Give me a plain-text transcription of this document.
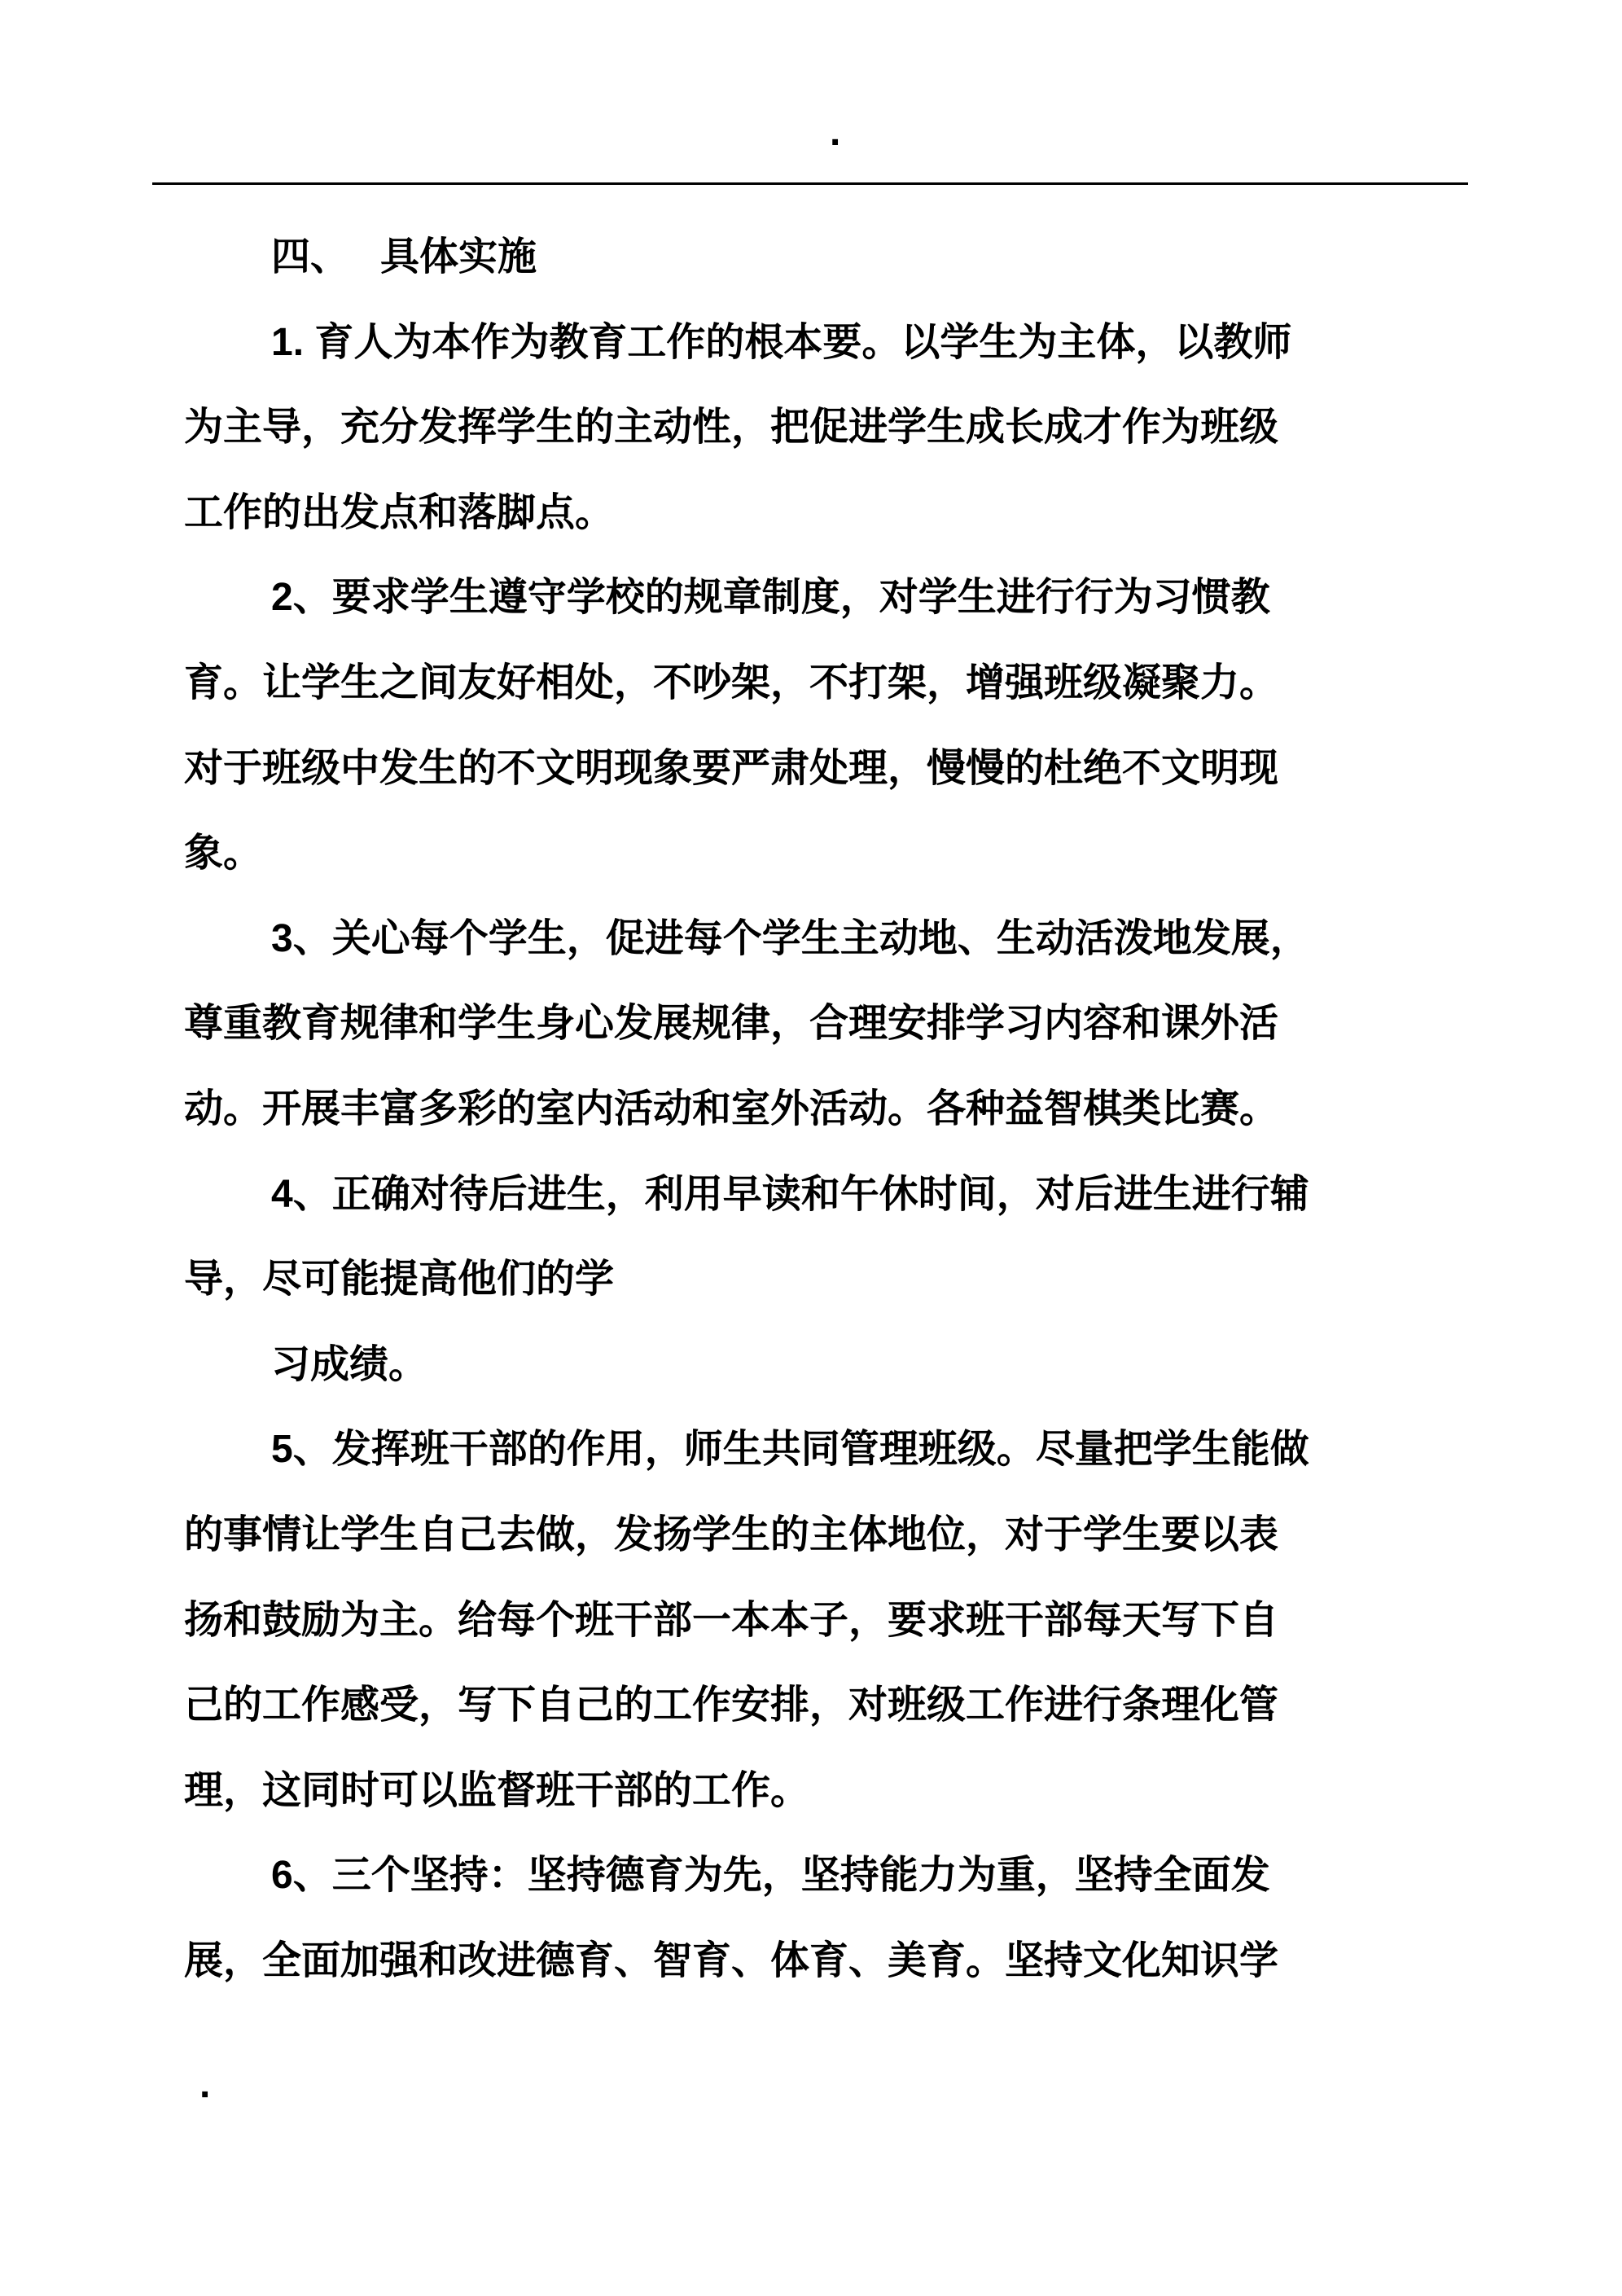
.
四、 具体实施
1. 育人为本作为教育工作的根本要。以学生为主体，以教师
为主导，充分发挥学生的主动性，把促进学生成长成才作为班级
工作的出发点和落脚点。
2、要求学生遵守学校的规章制度，对学生进行行为习惯教
育。让学生之间友好相处，不吵架，不打架，增强班级凝聚力。
对于班级中发生的不文明现象要严肃处理，慢慢的杜绝不文明现
象。
3、关心每个学生，促进每个学生主动地、生动活泼地发展，
尊重教育规律和学生身心发展规律，合理安排学习内容和课外活
动。开展丰富多彩的室内活动和室外活动。各种益智棋类比赛。
4、正确对待后进生，利用早读和午休时间，对后进生进行辅
导，尽可能提高他们的学
习成绩。
5、发挥班干部的作用，师生共同管理班级。尽量把学生能做
的事情让学生自己去做，发扬学生的主体地位，对于学生要以表
扬和鼓励为主。给每个班干部一本本子，要求班干部每天写下自
己的工作感受，写下自己的工作安排，对班级工作进行条理化管
理，这同时可以监督班干部的工作。
6、三个坚持：坚持德育为先，坚持能力为重，坚持全面发
展，全面加强和改进德育、智育、体育、美育。坚持文化知识学
.
